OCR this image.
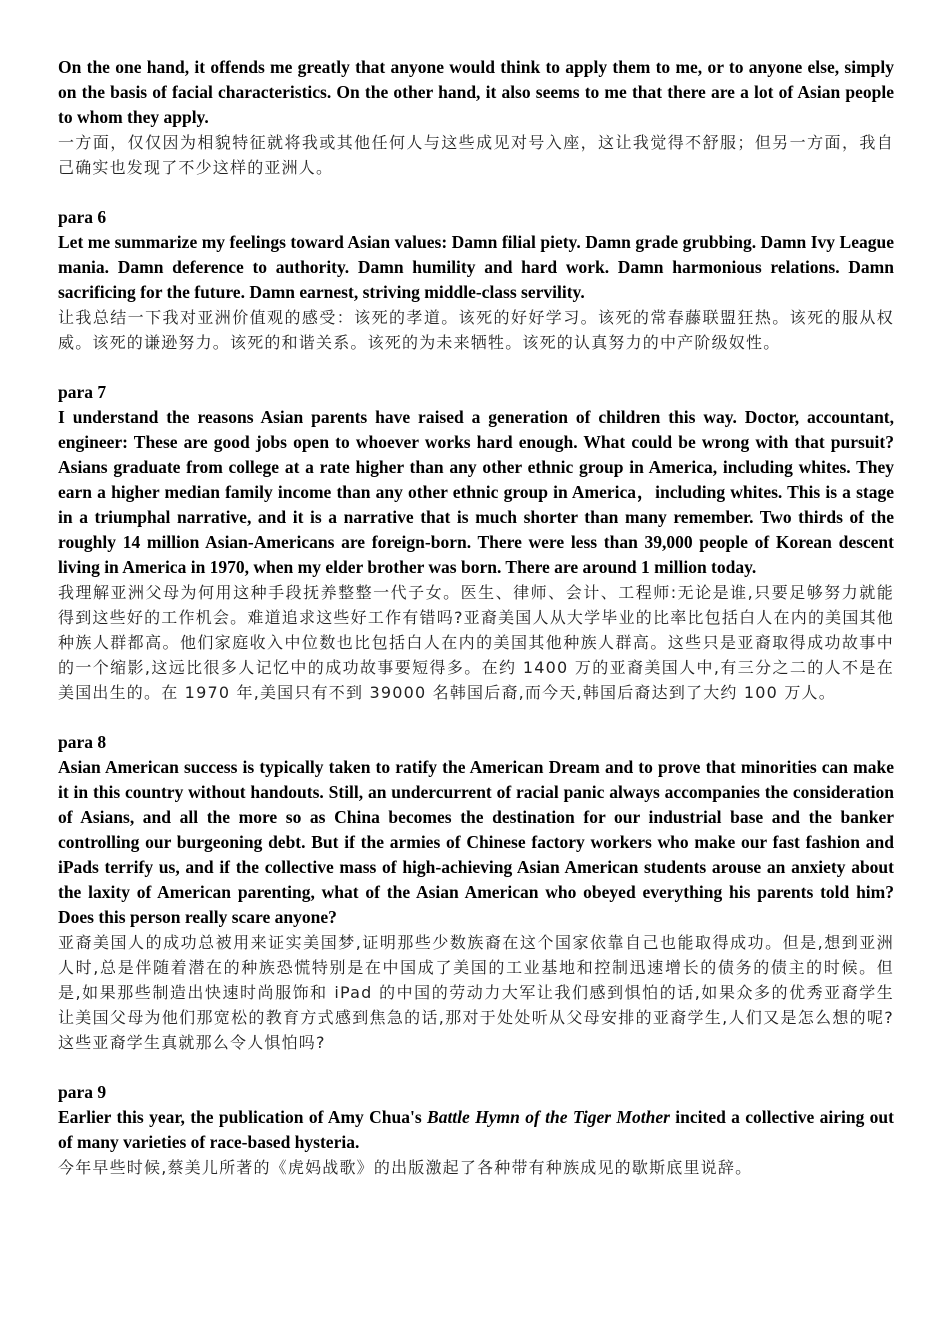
On the one hand, it offends me greatly that anyone would think to apply them to me, or to anyone else, simply on the basis of facial characteristics. On the other hand, it also seems to me that there are a lot of Asian people to whom they apply.

一方面，仅仅因为相貌特征就将我或其他任何人与这些成见对号入座，这让我觉得不舒服；但另一方面，我自己确实也发现了不少这样的亚洲人。

para 6

Let me summarize my feelings toward Asian values: Damn filial piety. Damn grade grubbing. Damn Ivy League mania. Damn deference to authority. Damn humility and hard work. Damn harmonious relations. Damn sacrificing for the future. Damn earnest, striving middle-class servility.

让我总结一下我对亚洲价值观的感受：该死的孝道。该死的好好学习。该死的常春藤联盟狂热。该死的服从权威。该死的谦逊努力。该死的和谐关系。该死的为未来牺牲。该死的认真努力的中产阶级奴性。

para 7

I understand the reasons Asian parents have raised a generation of children this way. Doctor, accountant, engineer: These are good jobs open to whoever works hard enough. What could be wrong with that pursuit? Asians graduate from college at a rate higher than any other ethnic group in America, including whites. They earn a higher median family income than any other ethnic group in America，including whites. This is a stage in a triumphal narrative, and it is a narrative that is much shorter than many remember. Two thirds of the roughly 14 million Asian-Americans are foreign-born. There were less than 39,000 people of Korean descent living in America in 1970, when my elder brother was born. There are around 1 million today.

我理解亚洲父母为何用这种手段抚养整整一代子女。医生、律师、会计、工程师:无论是谁,只要足够努力就能得到这些好的工作机会。难道追求这些好工作有错吗?亚裔美国人从大学毕业的比率比包括白人在内的美国其他种族人群都高。他们家庭收入中位数也比包括白人在内的美国其他种族人群高。这些只是亚裔取得成功故事中的一个缩影,这远比很多人记忆中的成功故事要短得多。在约 1400 万的亚裔美国人中,有三分之二的人不是在美国出生的。在 1970 年,美国只有不到 39000 名韩国后裔,而今天,韩国后裔达到了大约 100 万人。

para 8

Asian American success is typically taken to ratify the American Dream and to prove that minorities can make it in this country without handouts. Still, an undercurrent of racial panic always accompanies the consideration of Asians, and all the more so as China becomes the destination for our industrial base and the banker controlling our burgeoning debt. But if the armies of Chinese factory workers who make our fast fashion and iPads terrify us, and if the collective mass of high-achieving Asian American students arouse an anxiety about the laxity of American parenting, what of the Asian American who obeyed everything his parents told him? Does this person really scare anyone?

亚裔美国人的成功总被用来证实美国梦,证明那些少数族裔在这个国家依靠自己也能取得成功。但是,想到亚洲人时,总是伴随着潜在的种族恐慌特别是在中国成了美国的工业基地和控制迅速增长的债务的债主的时候。但是,如果那些制造出快速时尚服饰和 iPad 的中国的劳动力大军让我们感到惧怕的话,如果众多的优秀亚裔学生让美国父母为他们那宽松的教育方式感到焦急的话,那对于处处听从父母安排的亚裔学生,人们又是怎么想的呢?这些亚裔学生真就那么令人惧怕吗?

para 9

Earlier this year, the publication of Amy Chua's Battle Hymn of the Tiger Mother incited a collective airing out of many varieties of race-based hysteria.

今年早些时候,蔡美儿所著的《虎妈战歌》的出版激起了各种带有种族成见的歇斯底里说辞。
